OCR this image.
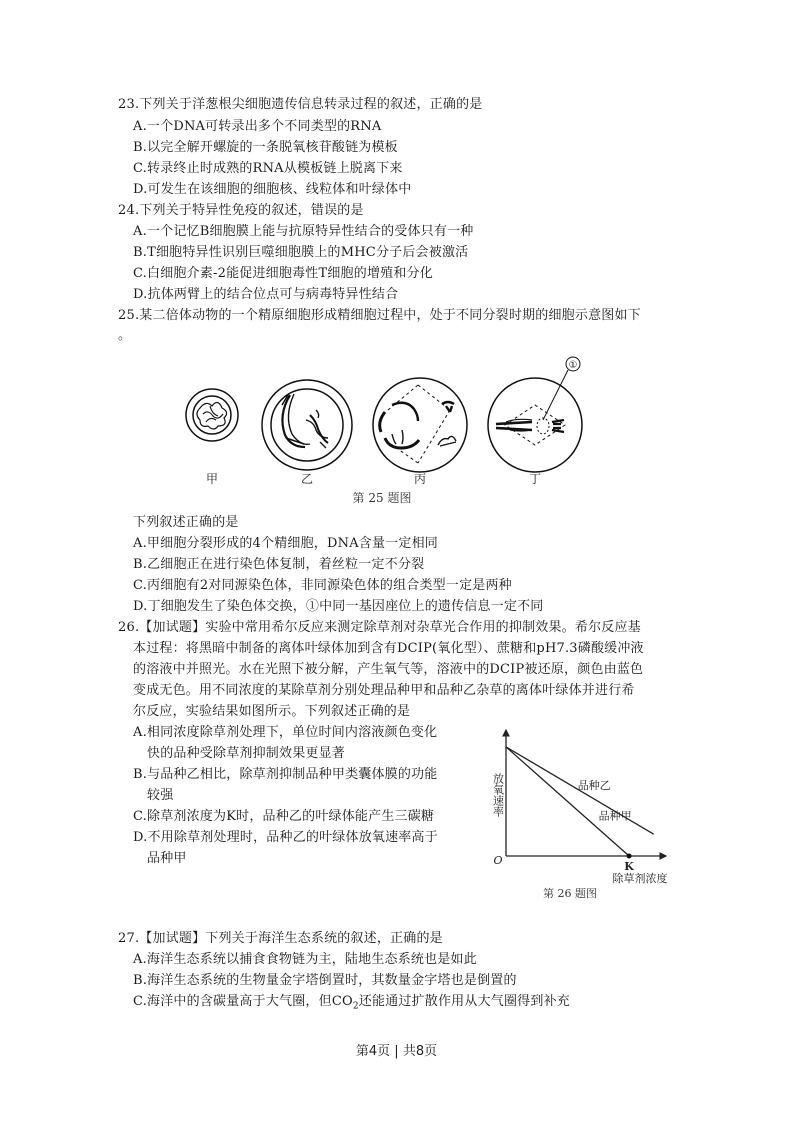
23.下列关于洋葱根尖细胞遗传信息转录过程的叙述，正确的是
A.一个DNA可转录出多个不同类型的RNA
B.以完全解开螺旋的一条脱氧核苷酸链为模板
C.转录终止时成熟的RNA从模板链上脱离下来
D.可发生在该细胞的细胞核、线粒体和叶绿体中
24.下列关于特异性免疫的叙述，错误的是
A.一个记忆B细胞膜上能与抗原特异性结合的受体只有一种
B.T细胞特异性识别巨噬细胞膜上的MHC分子后会被激活
C.白细胞介素-2能促进细胞毒性T细胞的增殖和分化
D.抗体两臂上的结合位点可与病毒特异性结合
25.某二倍体动物的一个精原细胞形成精细胞过程中，处于不同分裂时期的细胞示意图如下
。
①
甲	乙	丙	丁
第 25 题图
下列叙述正确的是
A.甲细胞分裂形成的4个精细胞，DNA含量一定相同
B.乙细胞正在进行染色体复制，着丝粒一定不分裂
C.丙细胞有2对同源染色体，非同源染色体的组合类型一定是两种
D.丁细胞发生了染色体交换，①中同一基因座位上的遗传信息一定不同
26.【加试题】实验中常用希尔反应来测定除草剂对杂草光合作用的抑制效果。希尔反应基
本过程：将黑暗中制备的离体叶绿体加到含有DCIP(氧化型）、蔗糖和pH7.3磷酸缓冲液
的溶液中并照光。水在光照下被分解，产生氧气等，溶液中的DCIP被还原，颜色由蓝色
变成无色。用不同浓度的某除草剂分别处理品种甲和品种乙杂草的离体叶绿体并进行希
尔反应，实验结果如图所示。下列叙述正确的是
A.相同浓度除草剂处理下，单位时间内溶液颜色变化
快的品种受除草剂抑制效果更显著
B.与品种乙相比，除草剂抑制品种甲类囊体膜的功能
较强
C.除草剂浓度为K时，品种乙的叶绿体能产生三碳糖
D.不用除草剂处理时，品种乙的叶绿体放氧速率高于
品种甲	O	K
除草剂浓度
放氧速率	品种乙
品种甲
第 26 题图
27.【加试题】下列关于海洋生态系统的叙述，正确的是
A.海洋生态系统以捕食食物链为主，陆地生态系统也是如此
B.海洋生态系统的生物量金字塔倒置时，其数量金字塔也是倒置的
C.海洋中的含碳量高于大气圈，但$CO_2$还能通过扩散作用从大气圈得到补充
第4页 | 共8页
